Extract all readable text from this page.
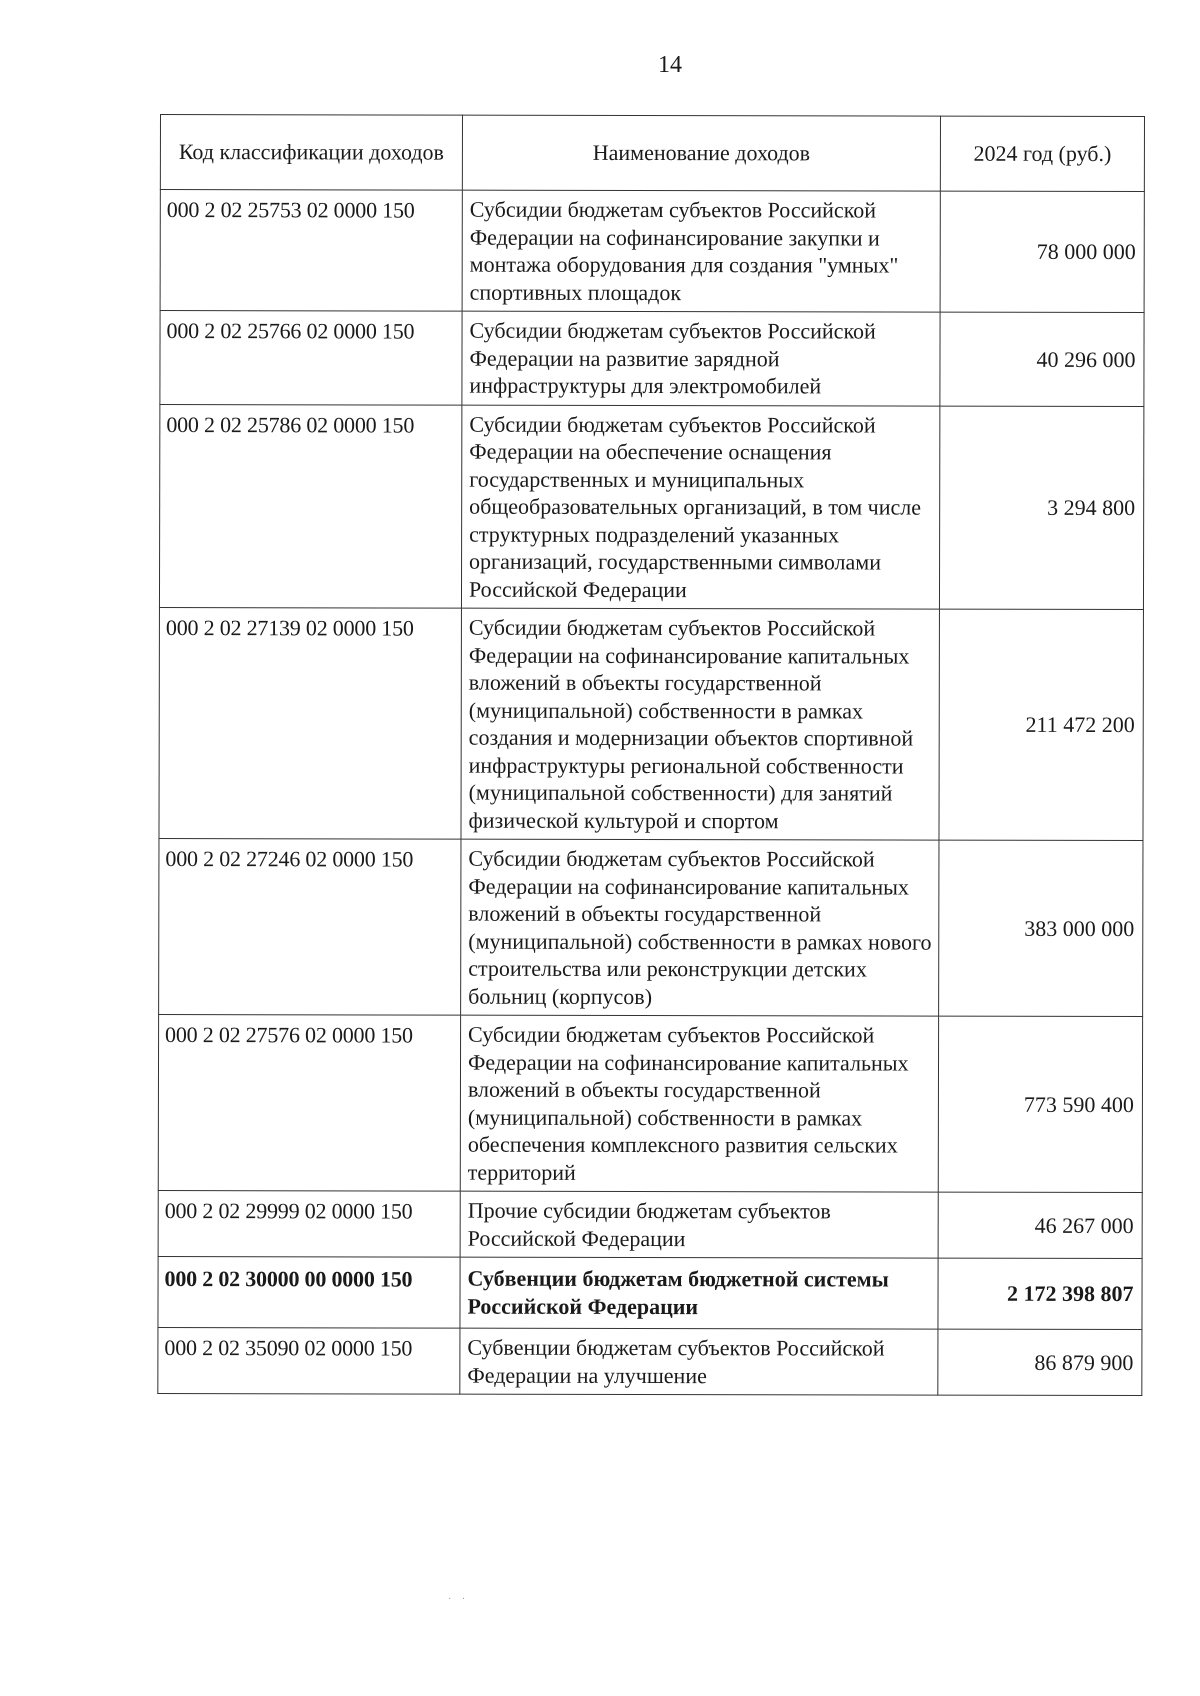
14
Код классификации доходов	Наименование доходов	2024 год (руб.)
000 2 02 25753 02 0000 150	Субсидии бюджетам субъектов Российской Федерации на софинансирование закупки и монтажа оборудования для создания "умных" спортивных площадок	78 000 000
000 2 02 25766 02 0000 150	Субсидии бюджетам субъектов Российской Федерации на развитие зарядной инфраструктуры для электромобилей	40 296 000
000 2 02 25786 02 0000 150	Субсидии бюджетам субъектов Российской Федерации на обеспечение оснащения государственных и муниципальных общеобразовательных организаций, в том числе структурных подразделений указанных организаций, государственными символами Российской Федерации	3 294 800
000 2 02 27139 02 0000 150	Субсидии бюджетам субъектов Российской Федерации на софинансирование капитальных вложений в объекты государственной (муниципальной) собственности в рамках создания и модернизации объектов спортивной инфраструктуры региональной собственности (муниципальной собственности) для занятий физической культурой и спортом	211 472 200
000 2 02 27246 02 0000 150	Субсидии бюджетам субъектов Российской Федерации на софинансирование капитальных вложений в объекты государственной (муниципальной) собственности в рамках нового строительства или реконструкции детских больниц (корпусов)	383 000 000
000 2 02 27576 02 0000 150	Субсидии бюджетам субъектов Российской Федерации на софинансирование капитальных вложений в объекты государственной (муниципальной) собственности в рамках обеспечения комплексного развития сельских территорий	773 590 400
000 2 02 29999 02 0000 150	Прочие субсидии бюджетам субъектов Российской Федерации	46 267 000
000 2 02 30000 00 0000 150	Субвенции бюджетам бюджетной системы Российской Федерации	2 172 398 807
000 2 02 35090 02 0000 150	Субвенции бюджетам субъектов Российской Федерации на улучшение	86 879 900
· ·
